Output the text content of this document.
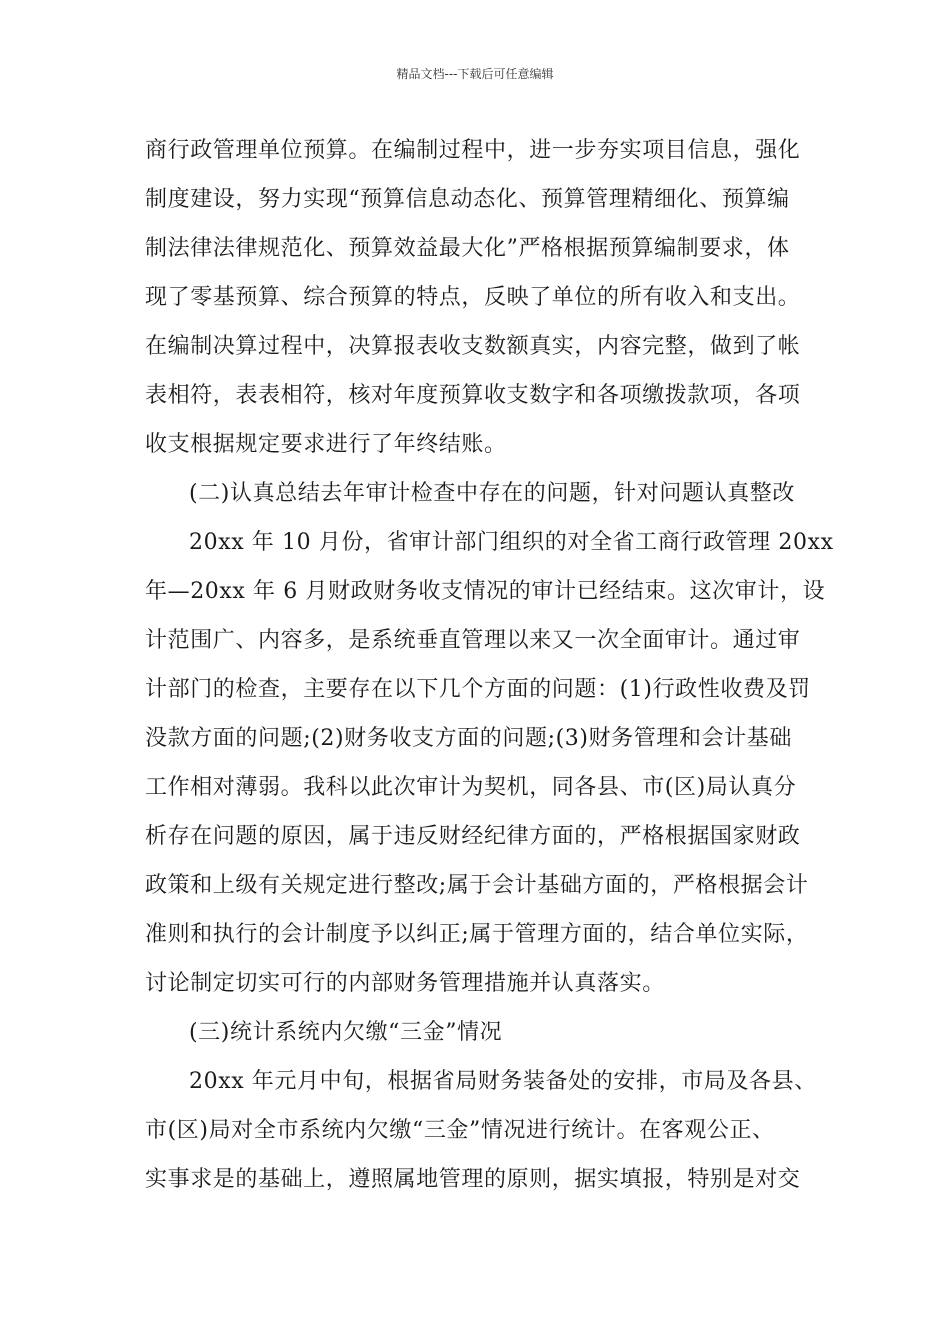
精品文档---下载后可任意编辑
商行政管理单位预算。在编制过程中，进一步夯实项目信息，强化
制度建设，努力实现“预算信息动态化、预算管理精细化、预算编
制法律法律规范化、预算效益最大化”严格根据预算编制要求，体
现了零基预算、综合预算的特点，反映了单位的所有收入和支出。
在编制决算过程中，决算报表收支数额真实，内容完整，做到了帐
表相符，表表相符，核对年度预算收支数字和各项缴拨款项，各项
收支根据规定要求进行了年终结账。
(二)认真总结去年审计检查中存在的问题，针对问题认真整改
20xx 年 10 月份，省审计部门组织的对全省工商行政管理 20xx
年—20xx 年 6 月财政财务收支情况的审计已经结束。这次审计，设
计范围广、内容多，是系统垂直管理以来又一次全面审计。通过审
计部门的检查，主要存在以下几个方面的问题：(1)行政性收费及罚
没款方面的问题;(2)财务收支方面的问题;(3)财务管理和会计基础
工作相对薄弱。我科以此次审计为契机，同各县、市(区)局认真分
析存在问题的原因，属于违反财经纪律方面的，严格根据国家财政
政策和上级有关规定进行整改;属于会计基础方面的，严格根据会计
准则和执行的会计制度予以纠正;属于管理方面的，结合单位实际，
讨论制定切实可行的内部财务管理措施并认真落实。
(三)统计系统内欠缴“三金”情况
20xx 年元月中旬，根据省局财务装备处的安排，市局及各县、
市(区)局对全市系统内欠缴“三金”情况进行统计。在客观公正、
实事求是的基础上，遵照属地管理的原则，据实填报，特别是对交
